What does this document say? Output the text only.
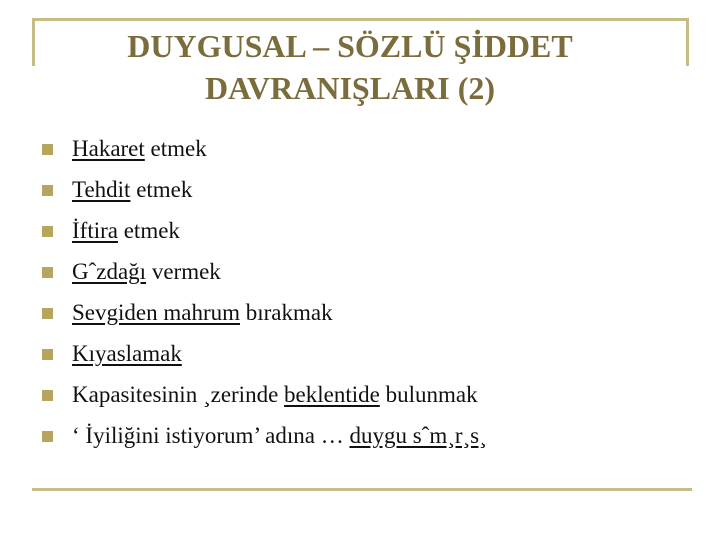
DUYGUSAL – SÖZLÜ ŞİDDET
DAVRANIŞLARI (2)
Hakaret etmek
Tehdit etmek
İftira etmek
Gˆzdağı vermek
Sevgiden mahrum bırakmak
Kıyaslamak
Kapasitesinin ¸zerinde beklentide bulunmak
‘ İyiliğini istiyorum’ adına … duygu sˆm¸r¸s¸
